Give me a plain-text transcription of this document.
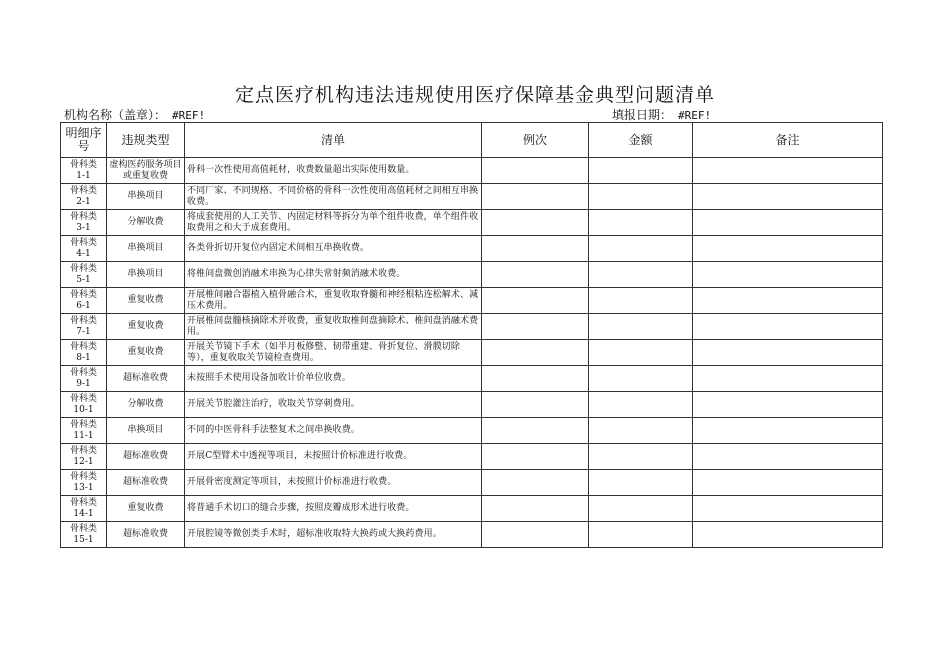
定点医疗机构违法违规使用医疗保障基金典型问题清单
机构名称（盖章）： #REF!	填报日期： #REF!
明细序号	违规类型	清单	例次	金额	备注

骨科类
1-1	虚构医药服务项目或重复收费	骨科一次性使用高值耗材，收费数量超出实际使用数量。			

骨科类
2-1	串换项目	不同厂家、不同规格、不同价格的骨科一次性使用高值耗材之间相互串换收费。			

骨科类
3-1	分解收费	将成套使用的人工关节、内固定材料等拆分为单个组件收费，单个组件收取费用之和大于成套费用。			

骨科类
4-1	串换项目	各类骨折切开复位内固定术间相互串换收费。			

骨科类
5-1	串换项目	将椎间盘微创消融术串换为心律失常射频消融术收费。			

骨科类
6-1	重复收费	开展椎间融合器植入植骨融合术，重复收取脊髓和神经根粘连松解术、减压术费用。			

骨科类
7-1	重复收费	开展椎间盘髓核摘除术并收费，重复收取椎间盘摘除术、椎间盘消融术费用。			

骨科类
8-1	重复收费	开展关节镜下手术（如半月板修整、韧带重建、骨折复位、滑膜切除等），重复收取关节镜检查费用。			

骨科类
9-1	超标准收费	未按照手术使用设备加收计价单位收费。			

骨科类
10-1	分解收费	开展关节腔灌注治疗，收取关节穿刺费用。			

骨科类
11-1	串换项目	不同的中医骨科手法整复术之间串换收费。			

骨科类
12-1	超标准收费	开展C型臂术中透视等项目，未按照计价标准进行收费。			

骨科类
13-1	超标准收费	开展骨密度测定等项目，未按照计价标准进行收费。			

骨科类
14-1	重复收费	将普通手术切口的缝合步骤，按照皮瓣成形术进行收费。			

骨科类
15-1	超标准收费	开展腔镜等微创类手术时，超标准收取特大换药或大换药费用。			
